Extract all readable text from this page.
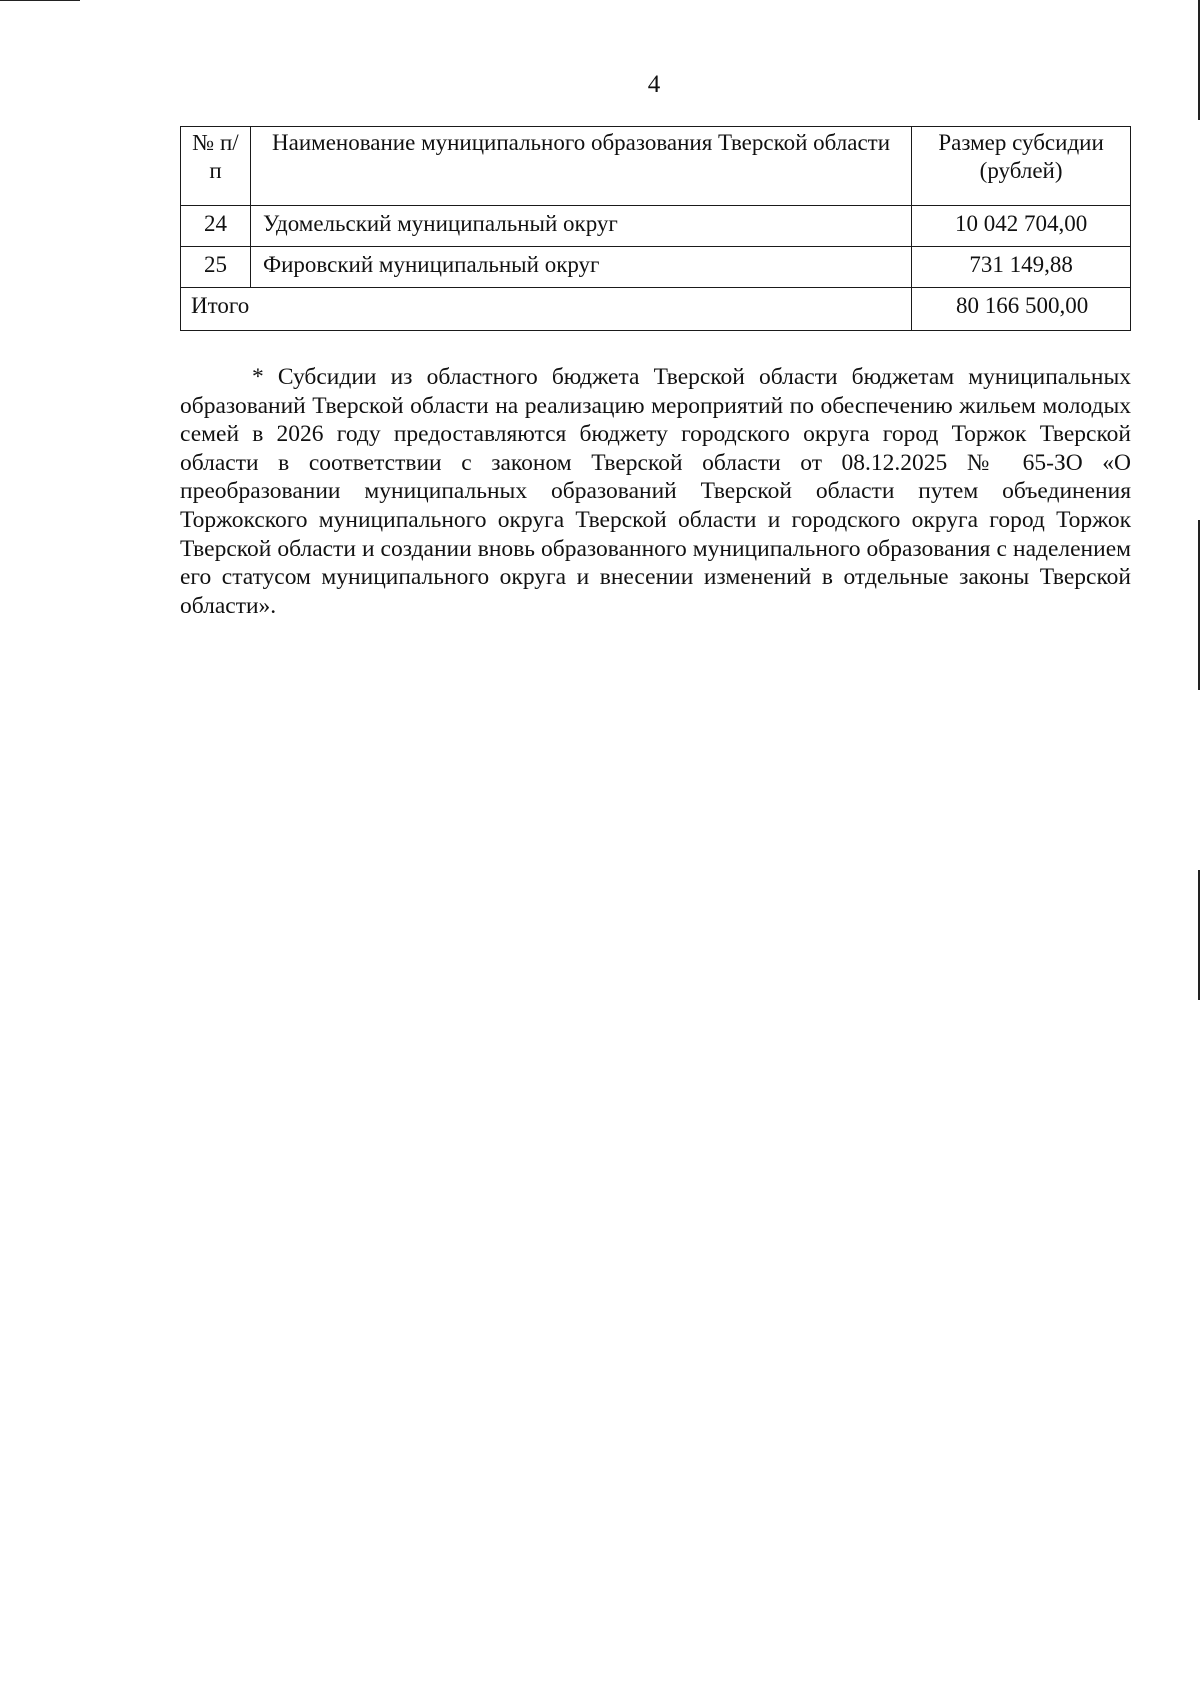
4
№ п/п	Наименование муниципального образования Тверской области	Размер субсидии (рублей)
24	Удомельский муниципальный округ	10 042 704,00
25	Фировский муниципальный округ	731 149,88
Итого		80 166 500,00

* Субсидии из областного бюджета Тверской области бюджетам муниципальных образований Тверской области на реализацию мероприятий по обеспечению жильем молодых семей в 2026 году предоставляются бюджету городского округа город Торжок Тверской области в соответствии с законом Тверской области от 08.12.2025 № 65-ЗО «О преобразовании муниципальных образований Тверской области путем объединения Торжокского муниципального округа Тверской области и городского округа город Торжок Тверской области и создании вновь образованного муниципального образования с наделением его статусом муниципального округа и внесении изменений в отдельные законы Тверской области».
